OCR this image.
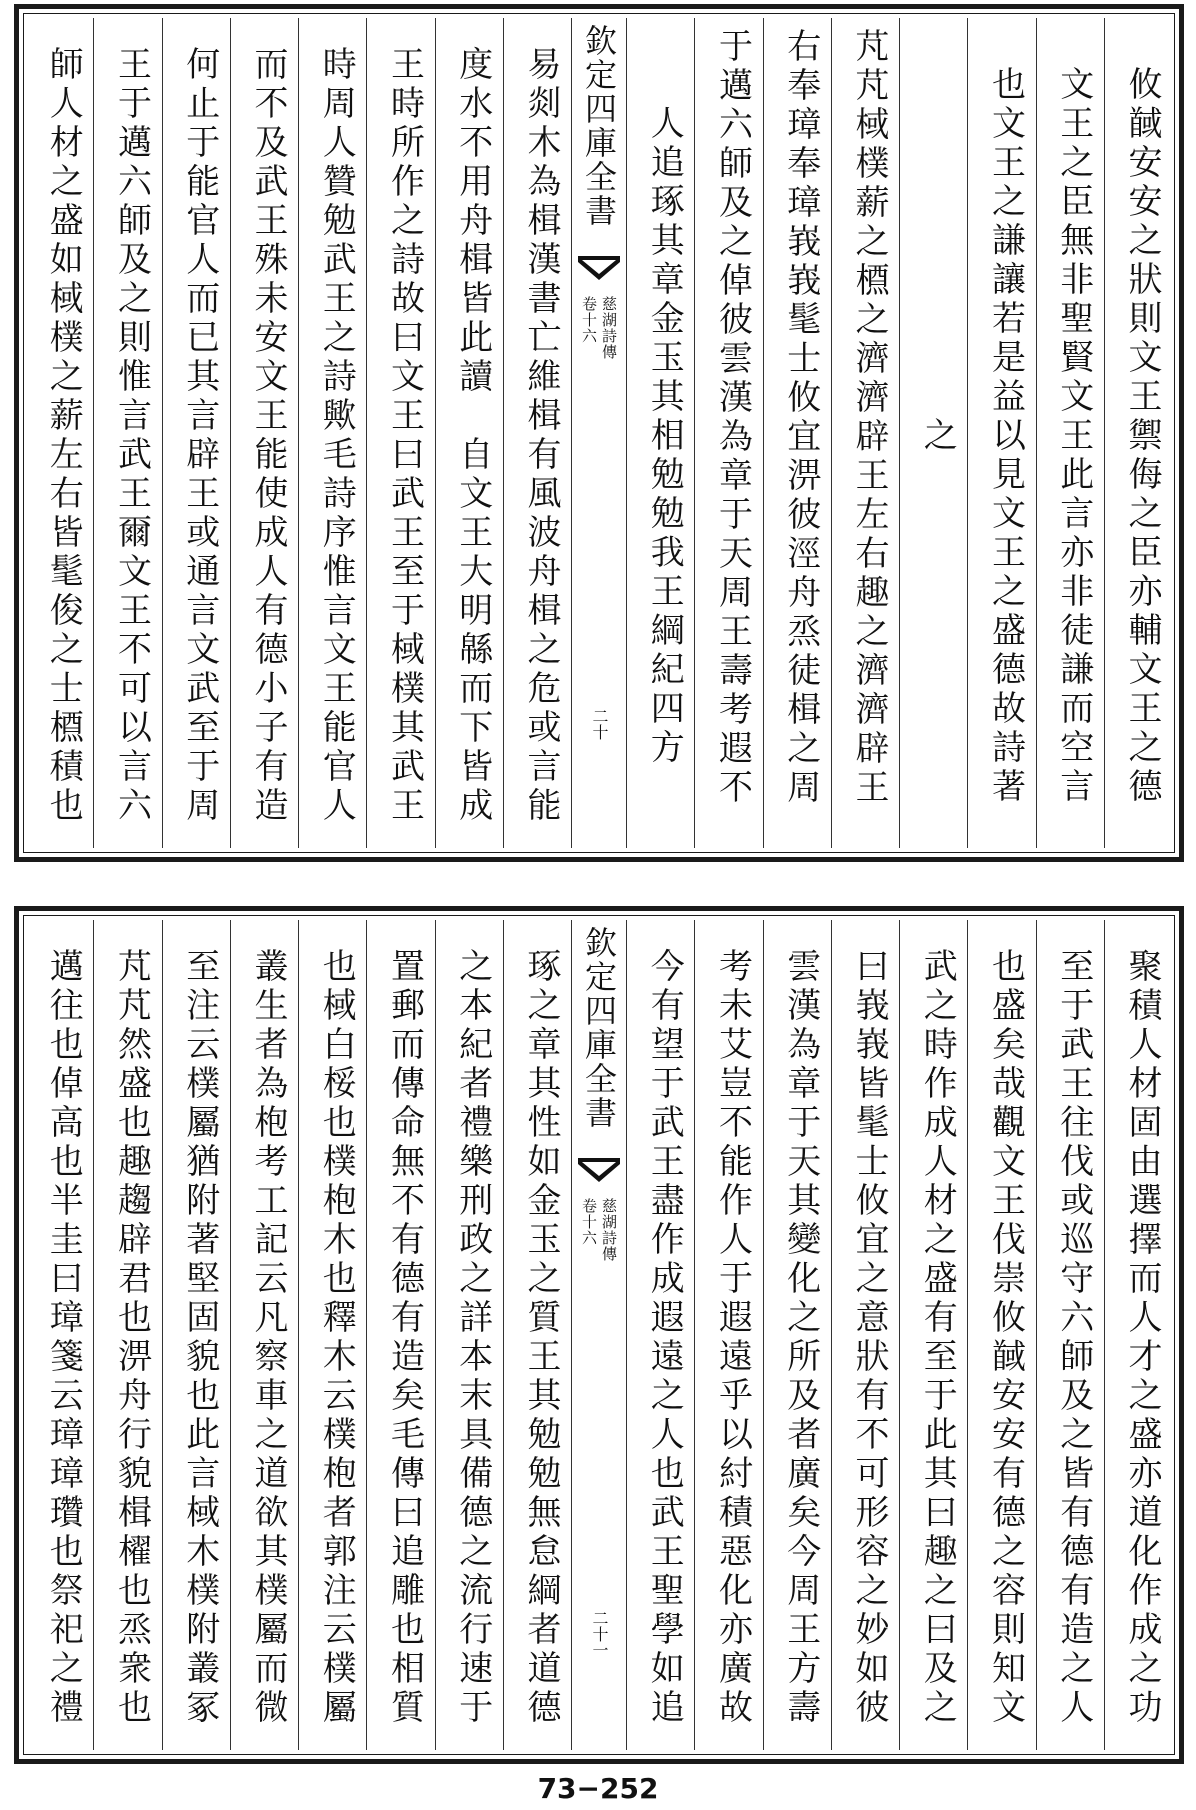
攸馘安安之狀則文王禦侮之臣亦輔文王之德
文王之臣無非聖賢文王此言亦非徒謙而空言
也文王之謙讓若是益以見文王之盛德故詩著
之
芃芃棫樸薪之槱之濟濟辟王左右趣之濟濟辟王
右奉璋奉璋峩峩髦士攸宜淠彼涇舟烝徒楫之周
于邁六師及之倬彼雲漢為章于天周王壽考遐不
人追琢其章金玉其相勉勉我王綱紀四方
欽定四庫全書
慈湖詩傳
卷十六
二十
易剡木為楫漢書亡維楫有風波舟楫之危或言能
度水不用舟楫皆此讀　自文王大明緜而下皆成
王時所作之詩故曰文王曰武王至于棫樸其武王
時周人贊勉武王之詩歟毛詩序惟言文王能官人
而不及武王殊未安文王能使成人有德小子有造
何止于能官人而已其言辟王或通言文武至于周
王于邁六師及之則惟言武王爾文王不可以言六
師人材之盛如棫樸之薪左右皆髦俊之士槱積也
聚積人材固由選擇而人才之盛亦道化作成之功
至于武王往伐或巡守六師及之皆有德有造之人
也盛矣哉觀文王伐崇攸馘安安有德之容則知文
武之時作成人材之盛有至于此其曰趣之曰及之
曰峩峩皆髦士攸宜之意狀有不可形容之妙如彼
雲漢為章于天其變化之所及者廣矣今周王方壽
考未艾豈不能作人于遐遠乎以紂積惡化亦廣故
今有望于武王盡作成遐遠之人也武王聖學如追
欽定四庫全書
慈湖詩傳
卷十六
二十一
琢之章其性如金玉之質王其勉勉無怠綱者道德
之本紀者禮樂刑政之詳本末具備德之流行速于
置郵而傳命無不有德有造矣毛傳曰追雕也相質
也棫白桵也樸枹木也釋木云樸枹者郭注云樸屬
叢生者為枹考工記云凡察車之道欲其樸屬而微
至注云樸屬猶附著堅固貌也此言棫木樸附叢冢
芃芃然盛也趣趨辟君也淠舟行貌楫櫂也烝衆也
邁往也倬高也半圭曰璋箋云璋璋瓚也祭祀之禮
73−252
